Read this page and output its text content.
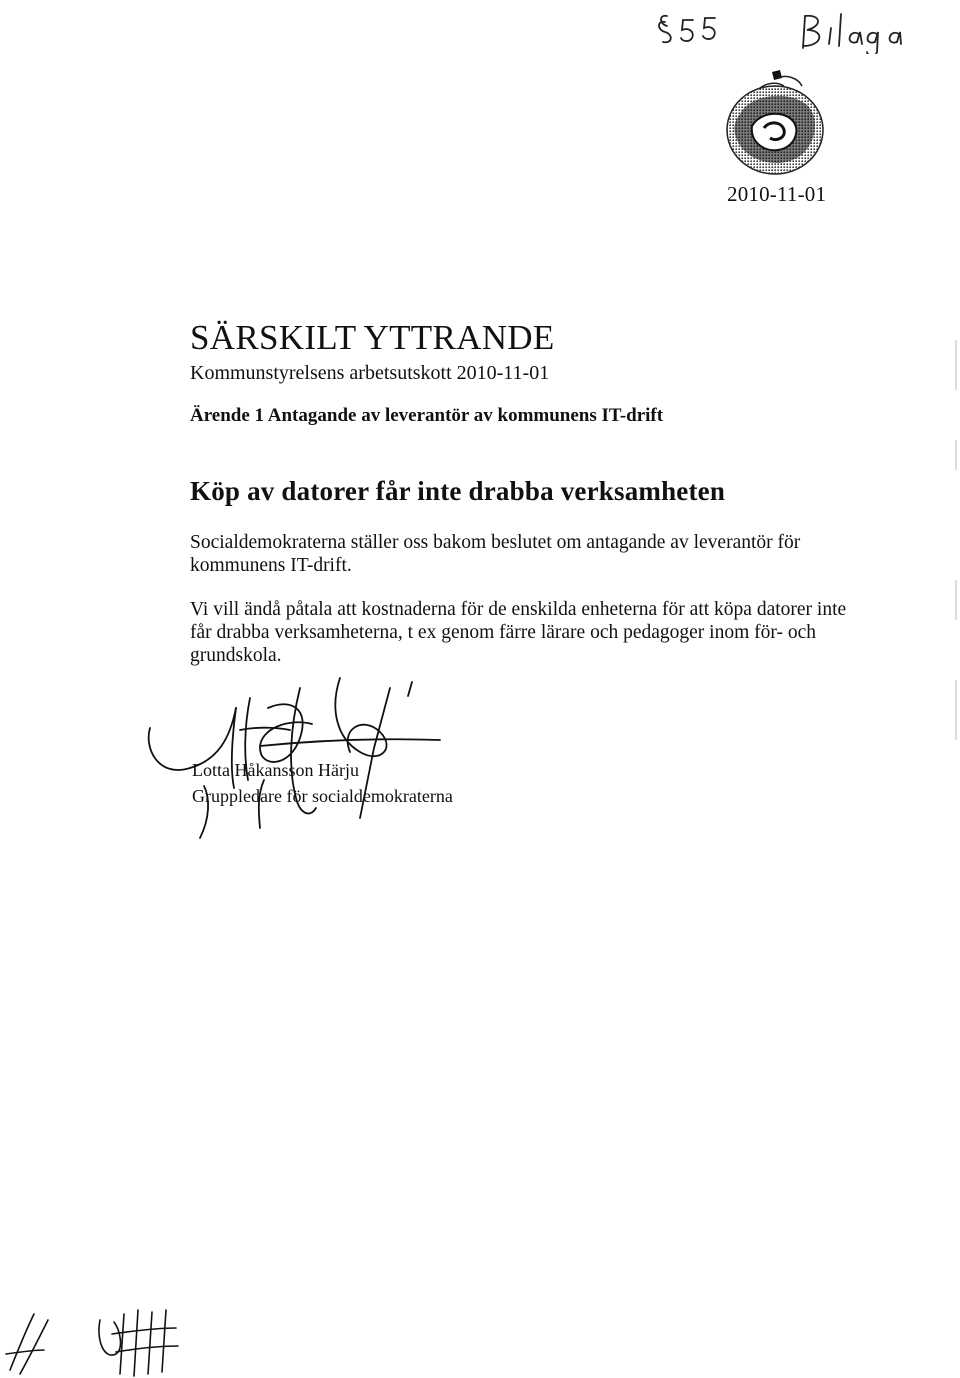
2010-11-01
SÄRSKILT YTTRANDE

Kommunstyrelsens arbetsutskott 2010-11-01

Ärende 1 Antagande av leverantör av kommunens IT-drift

Köp av datorer får inte drabba verksamheten

Socialdemokraterna ställer oss bakom beslutet om antagande av leverantör för kommunens IT-drift.

Vi vill ändå påtala att kostnaderna för de enskilda enheterna för att köpa datorer inte får drabba verksamheterna, t ex genom färre lärare och pedagoger inom för- och grundskola.

Lotta Håkansson Härju
Gruppledare för socialdemokraterna
